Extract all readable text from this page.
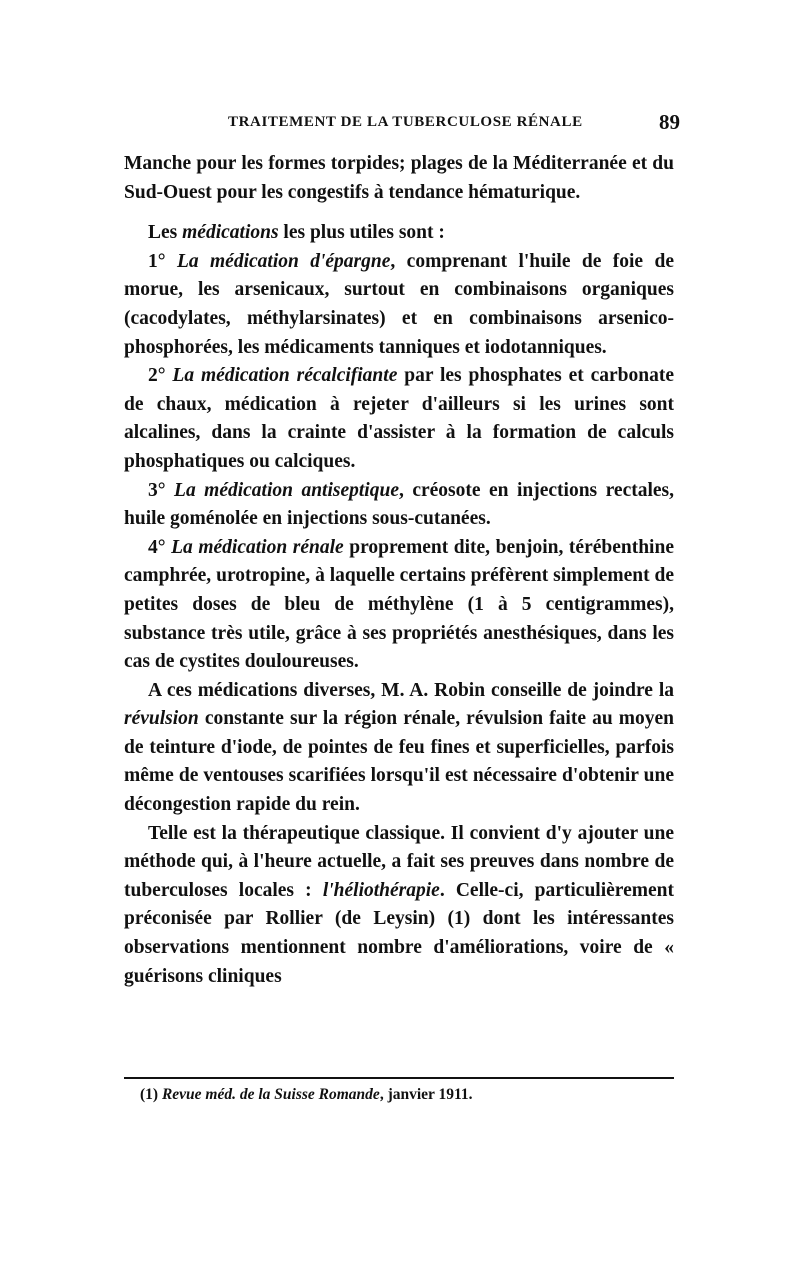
TRAITEMENT DE LA TUBERCULOSE RÉNALE	89

Manche pour les formes torpides; plages de la Méditerranée et du Sud-Ouest pour les congestifs à tendance hématurique.

Les médications les plus utiles sont :

1° La médication d'épargne, comprenant l'huile de foie de morue, les arsenicaux, surtout en combinaisons organiques (cacodylates, méthylarsinates) et en combinaisons arsenico-phosphorées, les médicaments tanniques et iodotanniques.

2° La médication récalcifiante par les phosphates et carbonate de chaux, médication à rejeter d'ailleurs si les urines sont alcalines, dans la crainte d'assister à la formation de calculs phosphatiques ou calciques.

3° La médication antiseptique, créosote en injections rectales, huile goménolée en injections sous-cutanées.

4° La médication rénale proprement dite, benjoin, térébenthine camphrée, urotropine, à laquelle certains préfèrent simplement de petites doses de bleu de méthylène (1 à 5 centigrammes), substance très utile, grâce à ses propriétés anesthésiques, dans les cas de cystites douloureuses.

A ces médications diverses, M. A. Robin conseille de joindre la révulsion constante sur la région rénale, révulsion faite au moyen de teinture d'iode, de pointes de feu fines et superficielles, parfois même de ventouses scarifiées lorsqu'il est nécessaire d'obtenir une décongestion rapide du rein.

Telle est la thérapeutique classique. Il convient d'y ajouter une méthode qui, à l'heure actuelle, a fait ses preuves dans nombre de tuberculoses locales : l'héliothérapie. Celle-ci, particulièrement préconisée par Rollier (de Leysin) (1) dont les intéressantes observations mentionnent nombre d'améliorations, voire de « guérisons cliniques

(1) Revue méd. de la Suisse Romande, janvier 1911.
